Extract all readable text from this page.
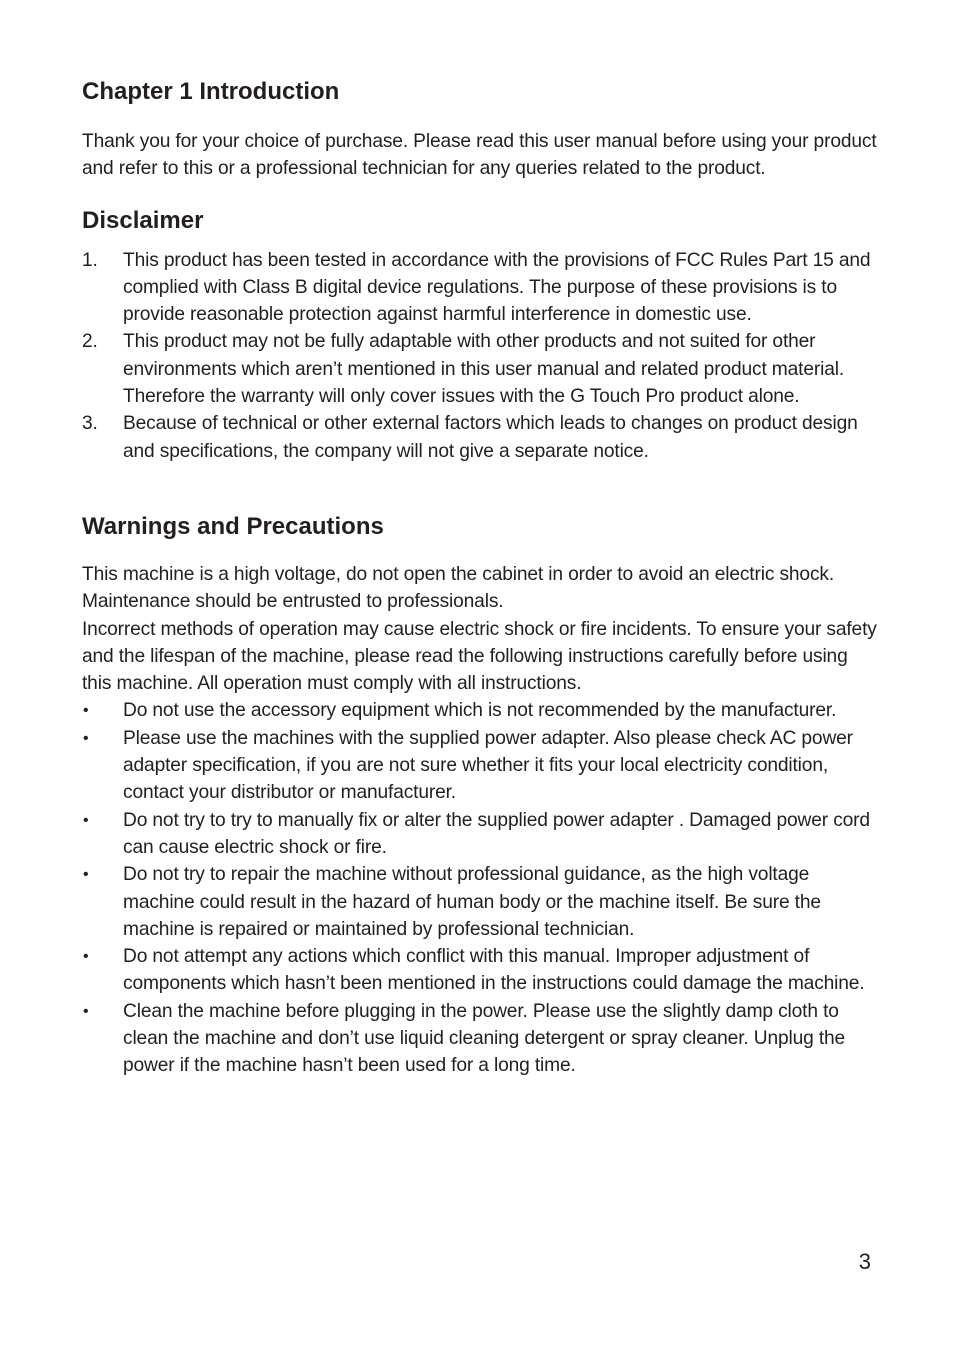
Chapter 1 Introduction

Thank you for your choice of purchase. Please read this user manual before using your product and refer to this or a professional technician for any queries related to the product.

Disclaimer
1. This product has been tested in accordance with the provisions of FCC Rules Part 15 and complied with Class B digital device regulations. The purpose of these provisions is to provide reasonable protection against harmful interference in domestic use.
2. This product may not be fully adaptable with other products and not suited for other environments which aren’t mentioned in this user manual and related product material. Therefore the warranty will only cover issues with the G Touch Pro product alone.
3. Because of technical or other external factors which leads to changes on product design and specifications, the company will not give a separate notice.
Warnings and Precautions

This machine is a high voltage, do not open the cabinet in order to avoid an electric shock. Maintenance should be entrusted to professionals.

Incorrect methods of operation may cause electric shock or fire incidents. To ensure your safety and the lifespan of the machine, please read the following instructions carefully before using this machine. All operation must comply with all instructions.

• Do not use the accessory equipment which is not recommended by the manufacturer.
• Please use the machines with the supplied power adapter. Also please check AC power adapter specification, if you are not sure whether it fits your local electricity condition, contact your distributor or manufacturer.
• Do not try to try to manually fix or alter the supplied power adapter . Damaged power cord can cause electric shock or fire.
• Do not try to repair the machine without professional guidance, as the high voltage machine could result in the hazard of human body or the machine itself. Be sure the machine is repaired or maintained by professional technician.
• Do not attempt any actions which conflict with this manual. Improper adjustment of components which hasn’t been mentioned in the instructions could damage the machine.
• Clean the machine before plugging in the power. Please use the slightly damp cloth to clean the machine and don’t use liquid cleaning detergent or spray cleaner. Unplug the power if the machine hasn’t been used for a long time.
3
